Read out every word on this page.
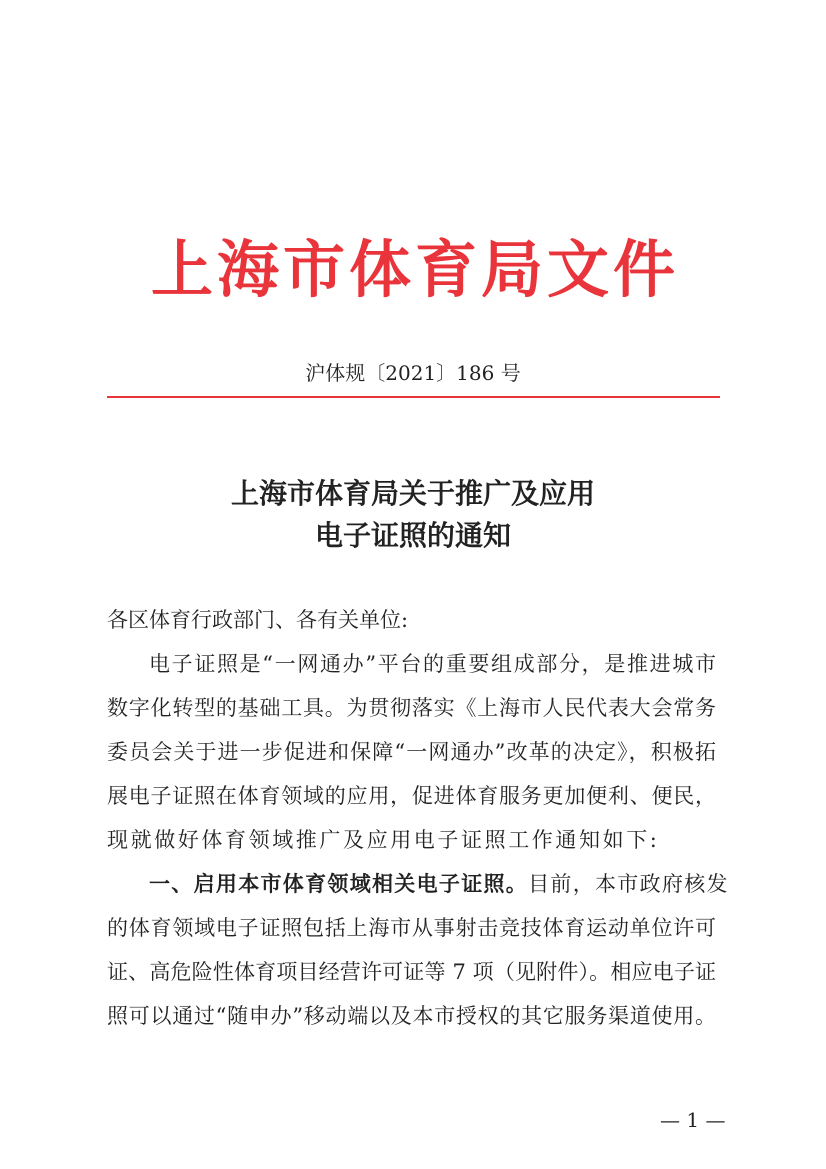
上海市体育局文件
沪体规〔2021〕186 号
上海市体育局关于推广及应用
电子证照的通知
各区体育行政部门、各有关单位:
电子证照是“一网通办”平台的重要组成部分，是推进城市
数字化转型的基础工具。为贯彻落实《上海市人民代表大会常务
委员会关于进一步促进和保障“一网通办”改革的决定》，积极拓
展电子证照在体育领域的应用，促进体育服务更加便利、便民，
现就做好体育领域推广及应用电子证照工作通知如下:
一、启用本市体育领域相关电子证照。目前，本市政府核发
的体育领域电子证照包括上海市从事射击竞技体育运动单位许可
证、高危险性体育项目经营许可证等 7 项（见附件）。相应电子证
照可以通过“随申办”移动端以及本市授权的其它服务渠道使用。
— 1 —
